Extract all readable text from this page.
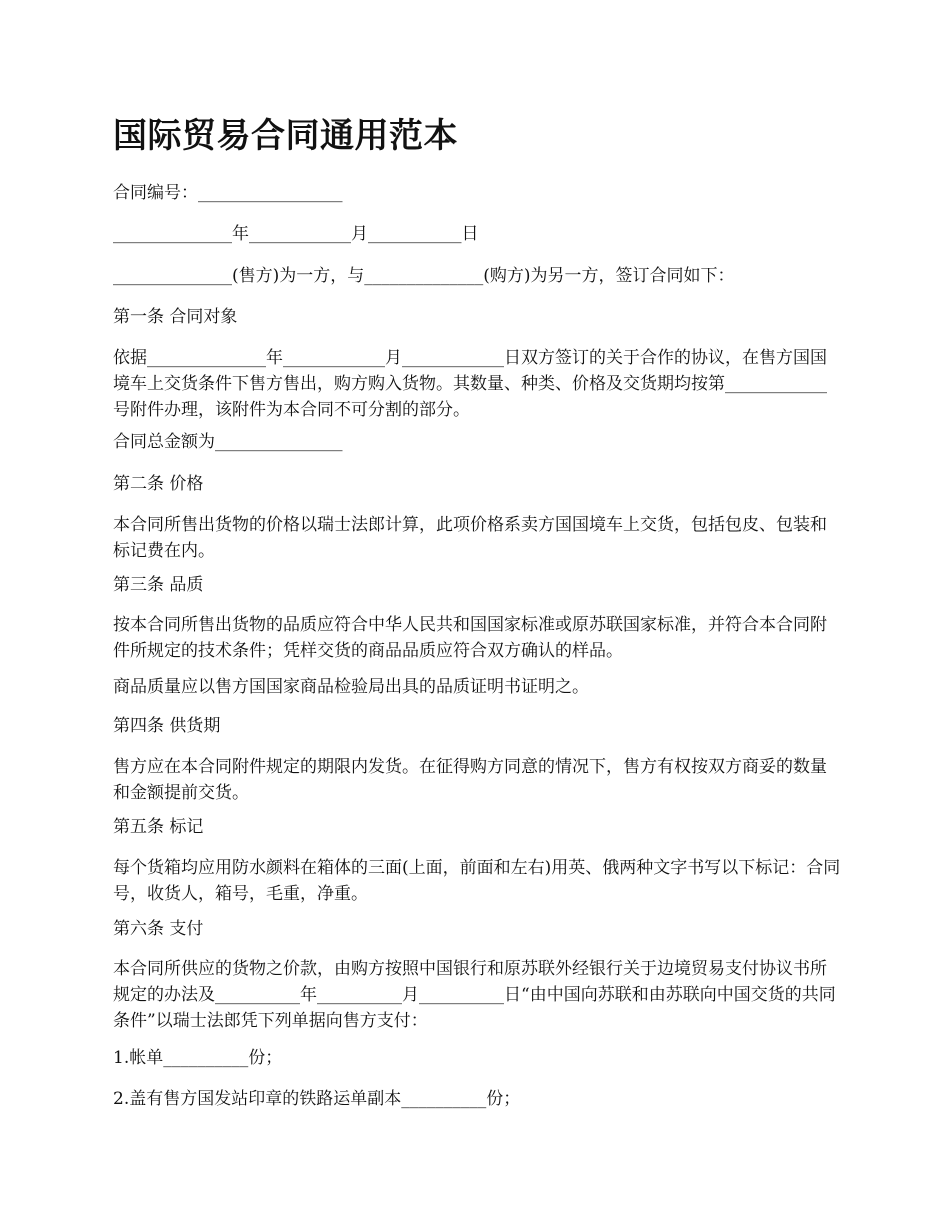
国际贸易合同通用范本

合同编号：_________________

______________年____________月___________日

______________(售方)为一方，与______________(购方)为另一方，签订合同如下：

第一条 合同对象

依据______________年____________月____________日双方签订的关于合作的协议，在售方国国境车上交货条件下售方售出，购方购入货物。其数量、种类、价格及交货期均按第____________号附件办理，该附件为本合同不可分割的部分。

合同总金额为_______________

第二条 价格

本合同所售出货物的价格以瑞士法郎计算，此项价格系卖方国国境车上交货，包括包皮、包装和标记费在内。

第三条 品质

按本合同所售出货物的品质应符合中华人民共和国国家标准或原苏联国家标准，并符合本合同附件所规定的技术条件；凭样交货的商品品质应符合双方确认的样品。

商品质量应以售方国国家商品检验局出具的品质证明书证明之。

第四条 供货期

售方应在本合同附件规定的期限内发货。在征得购方同意的情况下，售方有权按双方商妥的数量和金额提前交货。

第五条 标记

每个货箱均应用防水颜料在箱体的三面(上面，前面和左右)用英、俄两种文字书写以下标记：合同号，收货人，箱号，毛重，净重。

第六条 支付

本合同所供应的货物之价款，由购方按照中国银行和原苏联外经银行关于边境贸易支付协议书所规定的办法及__________年__________月__________日“由中国向苏联和由苏联向中国交货的共同条件”以瑞士法郎凭下列单据向售方支付：

1.帐单__________份；

2.盖有售方国发站印章的铁路运单副本__________份；
